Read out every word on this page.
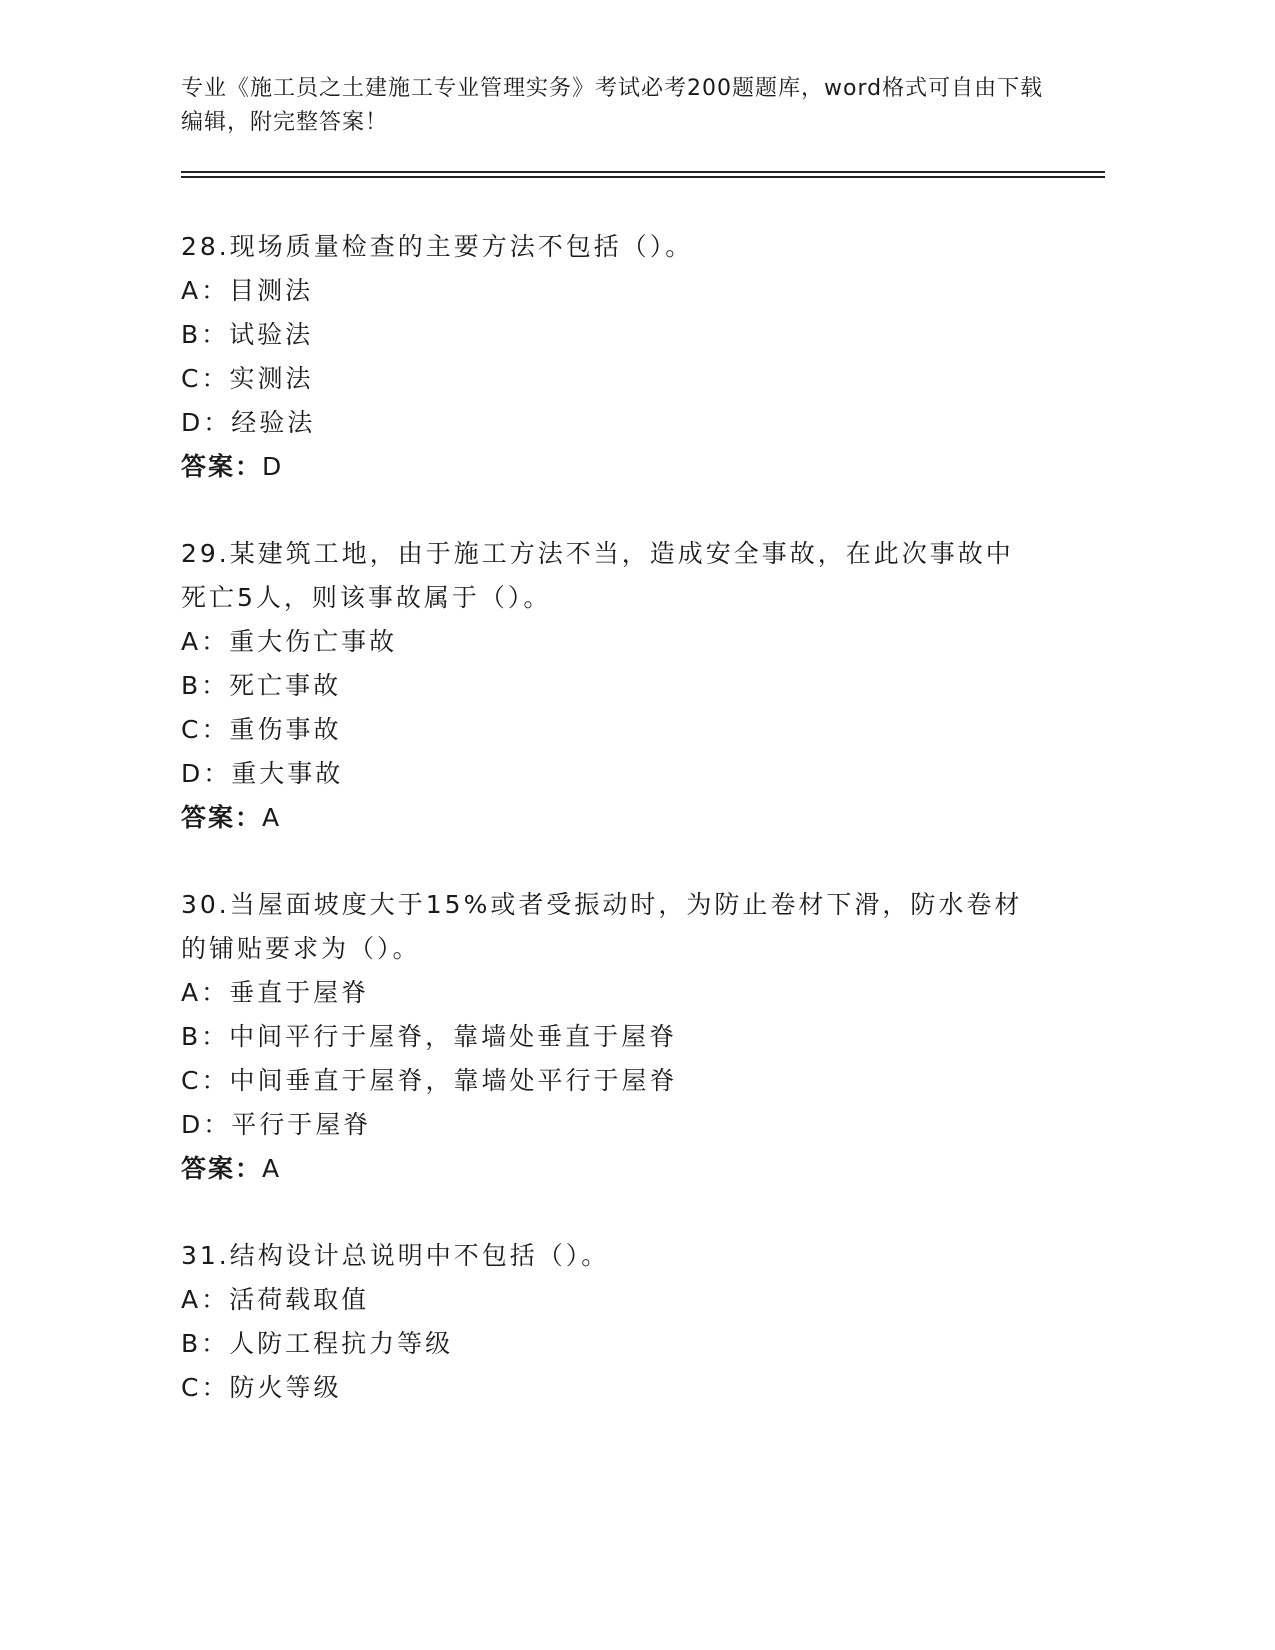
专业《施工员之土建施工专业管理实务》考试必考200题题库，word格式可自由下载编辑，附完整答案！
28.现场质量检查的主要方法不包括（）。
A：目测法
B：试验法
C：实测法
D：经验法
答案：D
29.某建筑工地，由于施工方法不当，造成安全事故，在此次事故中死亡5人，则该事故属于（）。
A：重大伤亡事故
B：死亡事故
C：重伤事故
D：重大事故
答案：A
30.当屋面坡度大于15%或者受振动时，为防止卷材下滑，防水卷材的铺贴要求为（）。
A：垂直于屋脊
B：中间平行于屋脊，靠墙处垂直于屋脊
C：中间垂直于屋脊，靠墙处平行于屋脊
D：平行于屋脊
答案：A
31.结构设计总说明中不包括（）。
A：活荷载取值
B：人防工程抗力等级
C：防火等级
